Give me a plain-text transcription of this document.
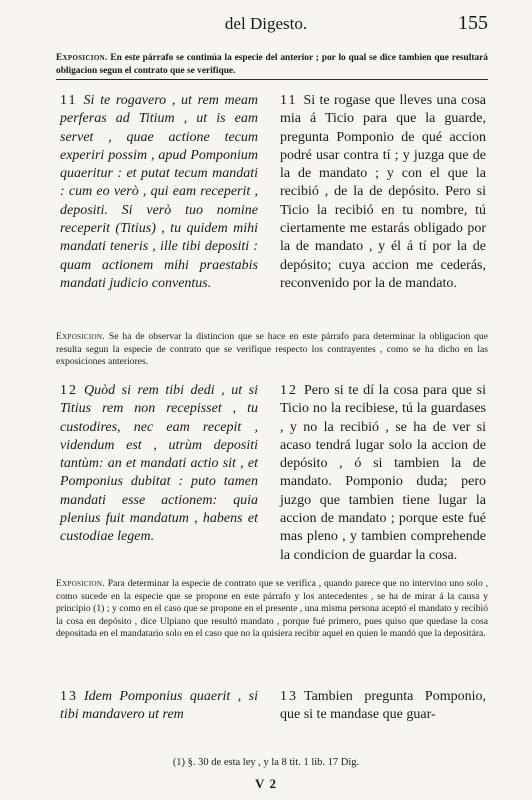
del Digesto.	155
Exposicion. En este párrafo se continúa la especie del anterior ; por lo qual se dice tambien que resultará obligacion segun el contrato que se verifique.
11 Si te rogavero , ut rem meam perferas ad Titium , ut is eam servet , quae actione tecum experiri possim , apud Pomponium quaeritur : et putat tecum mandati : cum eo verò , qui eam receperit , depositi. Si verò tuo nomine receperit (Titius) , tu quidem mihi mandati teneris , ille tibi depositi : quam actionem mihi praestabis mandati judicio conventus.
11 Si te rogase que lleves una cosa mia á Ticio para que la guarde, pregunta Pomponio de qué accion podré usar contra tí ; y juzga que de la de mandato ; y con el que la recibió , de la de depósito. Pero si Ticio la recibió en tu nombre, tú ciertamente me estarás obligado por la de mandato , y él á tí por la de depósito; cuya accion me cederás, reconvenido por la de mandato.
Exposicion. Se ha de observar la distincion que se hace en este párrafo para determinar la obligacion que resulta segun la especie de contrato que se verifique respecto los contrayentes , como se ha dicho en las exposiciones anteriores.
12 Quòd si rem tibi dedi , ut si Titius rem non recepisset , tu custodires, nec eam recepit , videndum est , utrùm depositi tantùm: an et mandati actio sit , et Pomponius dubitat : puto tamen mandati esse actionem: quia plenius fuit mandatum , habens et custodiae legem.
12 Pero si te dí la cosa para que si Ticio no la recibiese, tú la guardases , y no la recibió , se ha de ver si acaso tendrá lugar solo la accion de depósito , ó si tambien la de mandato. Pomponio duda; pero juzgo que tambien tiene lugar la accion de mandato ; porque este fué mas pleno , y tambien comprehende la condicion de guardar la cosa.
Exposicion. Para determinar la especie de contrato que se verifica , quando parece que no intervino uno solo , como sucede en la especie que se propone en este párrafo y los antecedentes , se ha de mirar á la causa y principio (1) ; y como en el caso que se propone en el presente , una misma persona aceptó el mandato y recibió la cosa en depósito , dice Ulpiano que resultó mandato , porque fué primero, pues quiso que quedase la cosa depositada en el mandatario solo en el caso que no la quisiera recibir aquel en quien le mandó que la depositára.
13 Idem Pomponius quaerit , si tibi mandavero ut rem
13 Tambien pregunta Pomponio, que si te mandase que guar-
(1) §. 30 de esta ley , y la 8 tit. 1 lib. 17 Dig.
V 2
